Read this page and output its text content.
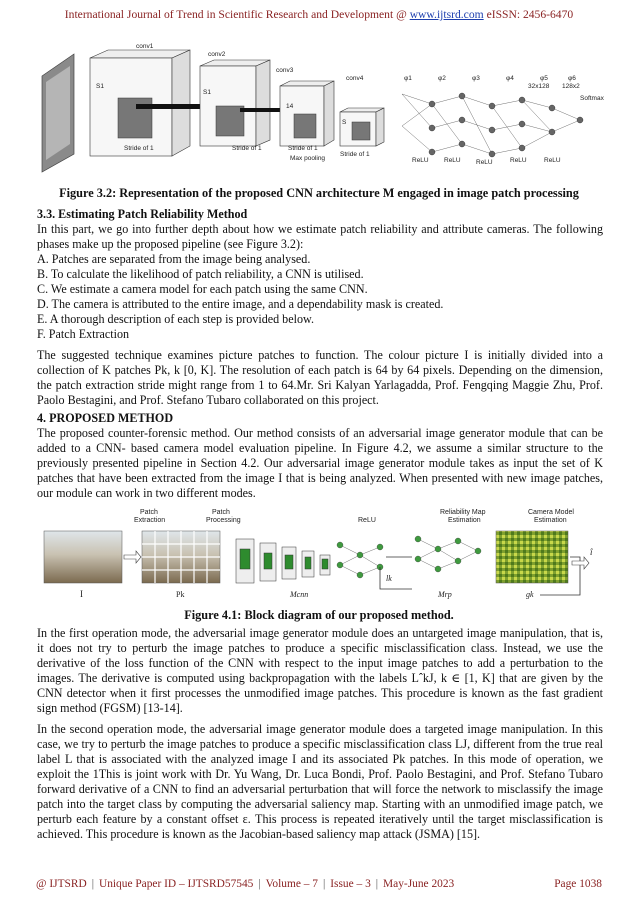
International Journal of Trend in Scientific Research and Development @ www.ijtsrd.com eISSN: 2456-6470
conv1
S1
Stride of 1
conv2
S1
Stride of 1
conv3
14
Stride of 1
conv4
S
Stride of 1
Max pooling
φ1	φ2	φ3	φ4	φ5	φ6
32x128 128x2
Softmax
ReLU ReLU ReLU	ReLU	ReLU
Figure 3.2: Representation of the proposed CNN architecture M engaged in image patch processing
3.3. Estimating Patch Reliability Method

In this part, we go into further depth about how we estimate patch reliability and attribute cameras. The following phases make up the proposed pipeline (see Figure 3.2):

A. Patches are separated from the image being analysed.
B. To calculate the likelihood of patch reliability, a CNN is utilised.
C. We estimate a camera model for each patch using the same CNN.
D. The camera is attributed to the entire image, and a dependability mask is created.
E. A thorough description of each step is provided below.
F. Patch Extraction

The suggested technique examines picture patches to function. The colour picture I is initially divided into a collection of K patches Pk, k [0, K]. The resolution of each patch is 64 by 64 pixels. Depending on the dimension, the patch extraction stride might range from 1 to 64.Mr. Sri Kalyan Yarlagadda, Prof. Fengqing Maggie Zhu, Prof. Paolo Bestagini, and Prof. Stefano Tubaro collaborated on this project.

4. PROPOSED METHOD

The proposed counter-forensic method. Our method consists of an adversarial image generator module that can be added to a CNN- based camera model evaluation pipeline. In Figure 4.2, we assume a similar structure to the previously presented pipeline in Section 4.2. Our adversarial image generator module takes as input the set of K patches that have been extracted from the image I that is being analyzed. When presented with new image patches, our module can work in two different modes.

Patch
Extraction
Patch
Processing	ReLU
Reliability Map
Estimation
Camera Model
Estimation
I	Pk	Mcnn
lk
Mrp	gk
î
Figure 4.1: Block diagram of our proposed method.

In the first operation mode, the adversarial image generator module does an untargeted image manipulation, that is, it does not try to perturb the image patches to produce a specific misclassification class. Instead, we use the derivative of the loss function of the CNN with respect to the input image patches to add a perturbation to the images. The derivative is computed using backpropagation with the labels LˆkJ, k ∈ [1, K] that are given by the CNN detector when it first processes the unmodified image patches. This procedure is known as the fast gradient sign method (FGSM) [13-14].

In the second operation mode, the adversarial image generator module does a targeted image manipulation. In this case, we try to perturb the image patches to produce a specific misclassification class LJ, different from the true real label L that is associated with the analyzed image I and its associated Pk patches. In this mode of operation, we exploit the 1This is joint work with Dr. Yu Wang, Dr. Luca Bondi, Prof. Paolo Bestagini, and Prof. Stefano Tubaro forward derivative of a CNN to find an adversarial perturbation that will force the network to misclassify the image patch into the target class by computing the adversarial saliency map. Starting with an unmodified image patch, we perturb each feature by a constant offset ε. This process is repeated iteratively until the target misclassification is achieved. This procedure is known as the Jacobian-based saliency map attack (JSMA) [15].

@ IJTSRD | Unique Paper ID – IJTSRD57545 | Volume – 7 | Issue – 3 | May-June 2023	Page 1038
